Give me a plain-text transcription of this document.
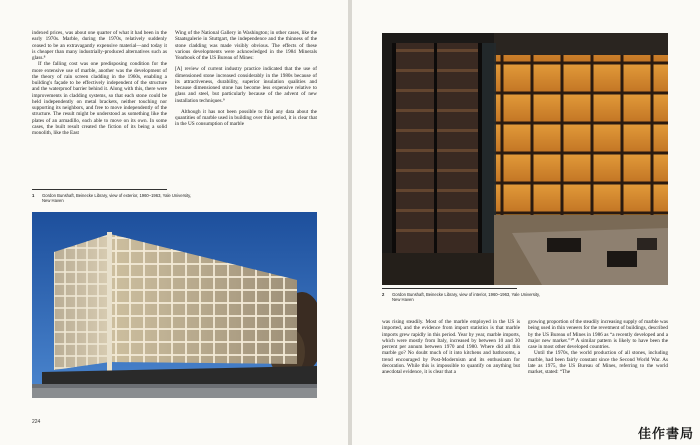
indexed prices, was about one quarter of what it had been in the early 1970s. Marble, during the 1970s, relatively suddenly ceased to be an extravagantly expensive material—and today it is cheaper than many industrially-produced alternatives such as glass.⁸

If the falling cost was one predisposing condition for the more extensive use of marble, another was the development of the theory of rain screen cladding in the 1960s, enabling a building's façade to be effectively independent of the structure and the waterproof barrier behind it. Along with this, there were improvements in cladding systems, so that each stone could be held independently on metal brackets, neither touching nor supporting its neighbors, and free to move independently of the structure. The result might be understood as something like the plates of an armadillo, each able to move on its own. In some cases, the built result created the fiction of its being a solid monolith, like the East

Wing of the National Gallery in Washington; in other cases, like the Staatsgalerie in Stuttgart, the independence and the thinness of the stone cladding was made visibly obvious. The effects of these various developments were acknowledged in the 1984 Minerals Yearbook of the US Bureau of Mines:

[A] review of current industry practice indicated that the use of dimensioned stone increased considerably in the 1980s because of its attractiveness, durability, superior insulation qualities and because dimensioned stone has become less expensive relative to glass and steel, but particularly because of the advent of new installation techniques.⁹

Although it has not been possible to find any data about the quantities of marble used in building over this period, it is clear that in the US consumption of marble

1 Gordon Bunshaft, Beinecke Library, view of exterior, 1960–1963, Yale University, New Haven
224
2 Gordon Bunshaft, Beinecke Library, view of interior, 1960–1963, Yale University, New Haven

was rising steadily. Most of the marble employed in the US is imported, and the evidence from import statistics is that marble imports grew rapidly in this period. Year by year, marble imports, which were mostly from Italy, increased by between 10 and 30 percent per annum between 1970 and 1980. Where did all this marble go? No doubt much of it into kitchens and bathrooms, a trend encouraged by Post-Modernism and its enthusiasm for decoration. While this is impossible to quantify on anything but anecdotal evidence, it is clear that a

growing proportion of the steadily increasing supply of marble was being used in thin veneers for the revetment of buildings, described by the US Bureau of Mines in 1986 as “a recently developed and a major new market.”¹⁰ A similar pattern is likely to have been the case in most other developed countries.

Until the 1970s, the world production of all stones, including marble, had been fairly constant since the Second World War. As late as 1975, the US Bureau of Mines, referring to the world market, stated: “The

佳作書局
